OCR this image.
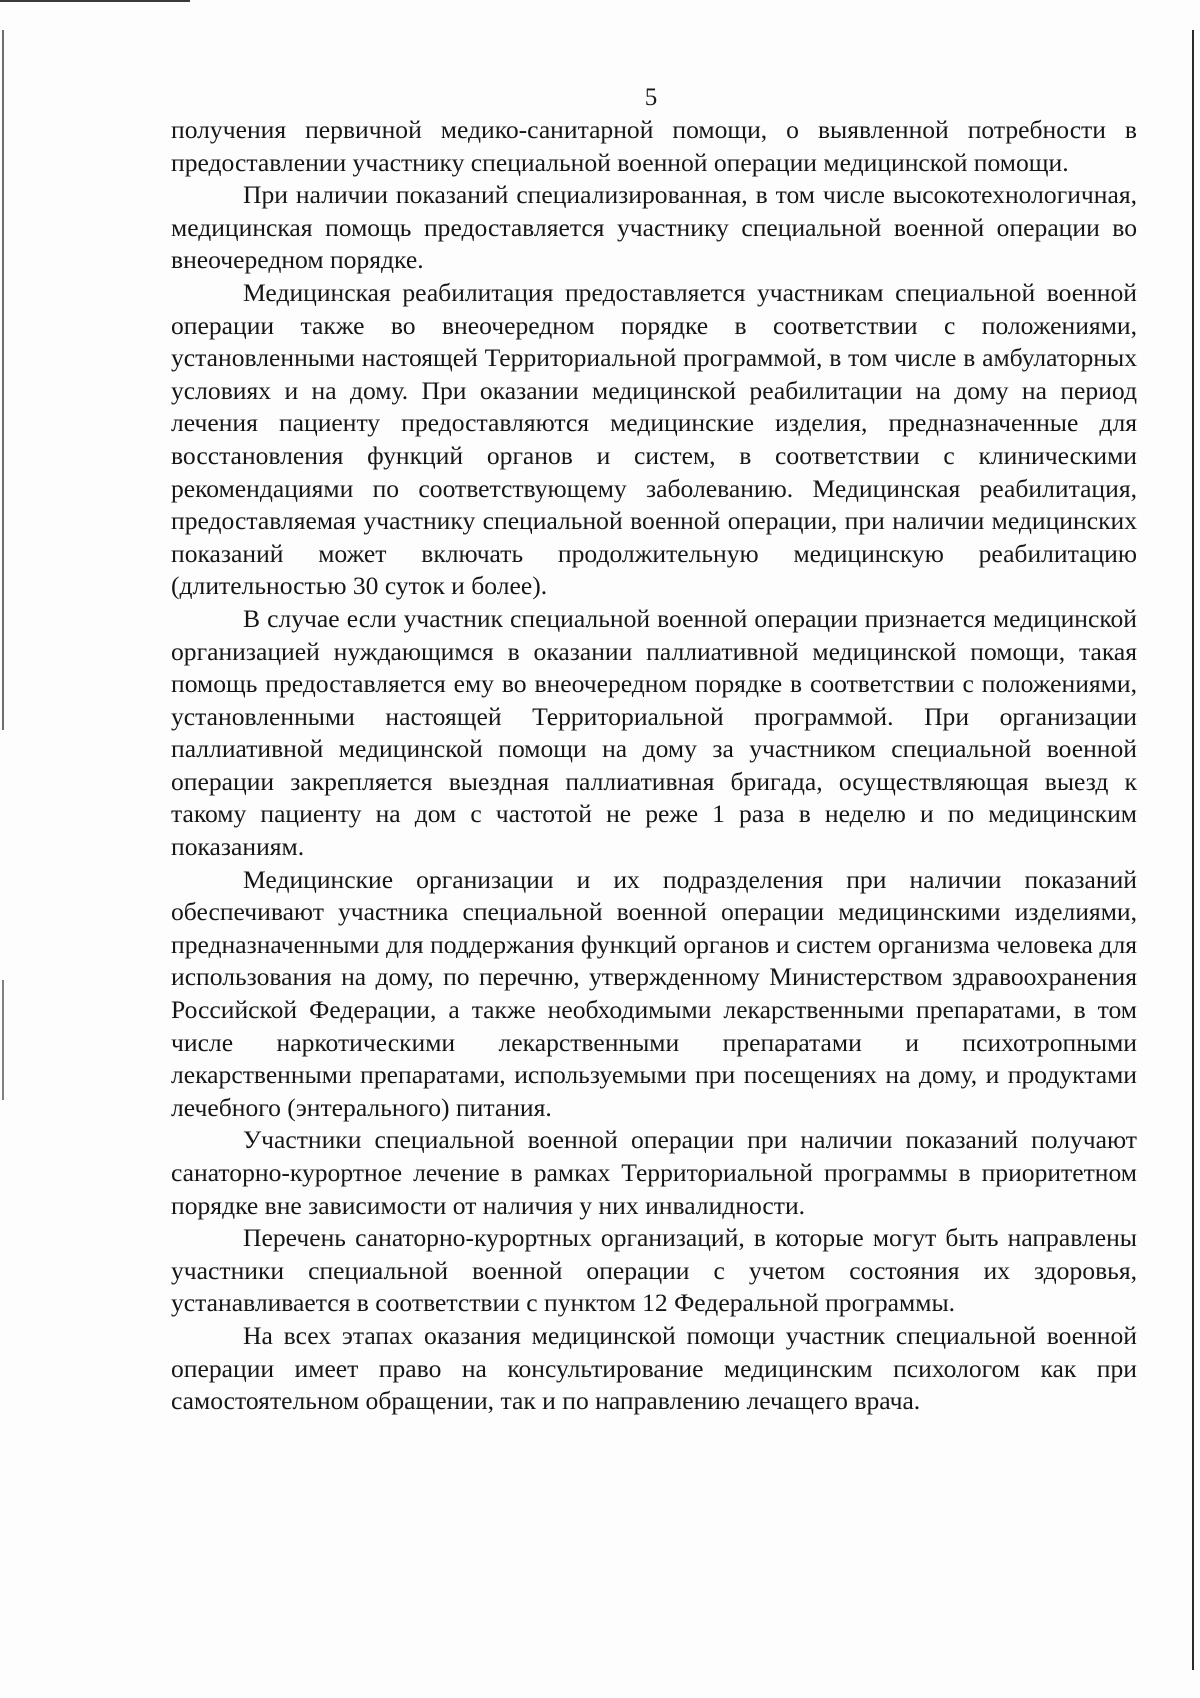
5

получения первичной медико-санитарной помощи, о выявленной потребности в предоставлении участнику специальной военной операции медицинской помощи.

При наличии показаний специализированная, в том числе высокотехнологичная, медицинская помощь предоставляется участнику специальной военной операции во внеочередном порядке.

Медицинская реабилитация предоставляется участникам специальной военной операции также во внеочередном порядке в соответствии с положениями, установленными настоящей Территориальной программой, в том числе в амбулаторных условиях и на дому. При оказании медицинской реабилитации на дому на период лечения пациенту предоставляются медицинские изделия, предназначенные для восстановления функций органов и систем, в соответствии с клиническими рекомендациями по соответствующему заболеванию. Медицинская реабилитация, предоставляемая участнику специальной военной операции, при наличии медицинских показаний может включать продолжительную медицинскую реабилитацию (длительностью 30 суток и более).

В случае если участник специальной военной операции признается медицинской организацией нуждающимся в оказании паллиативной медицинской помощи, такая помощь предоставляется ему во внеочередном порядке в соответствии с положениями, установленными настоящей Территориальной программой. При организации паллиативной медицинской помощи на дому за участником специальной военной операции закрепляется выездная паллиативная бригада, осуществляющая выезд к такому пациенту на дом с частотой не реже 1 раза в неделю и по медицинским показаниям.

Медицинские организации и их подразделения при наличии показаний обеспечивают участника специальной военной операции медицинскими изделиями, предназначенными для поддержания функций органов и систем организма человека для использования на дому, по перечню, утвержденному Министерством здравоохранения Российской Федерации, а также необходимыми лекарственными препаратами, в том числе наркотическими лекарственными препаратами и психотропными лекарственными препаратами, используемыми при посещениях на дому, и продуктами лечебного (энтерального) питания.

Участники специальной военной операции при наличии показаний получают санаторно-курортное лечение в рамках Территориальной программы в приоритетном порядке вне зависимости от наличия у них инвалидности.

Перечень санаторно-курортных организаций, в которые могут быть направлены участники специальной военной операции с учетом состояния их здоровья, устанавливается в соответствии с пунктом 12 Федеральной программы.

На всех этапах оказания медицинской помощи участник специальной военной операции имеет право на консультирование медицинским психологом как при самостоятельном обращении, так и по направлению лечащего врача.
